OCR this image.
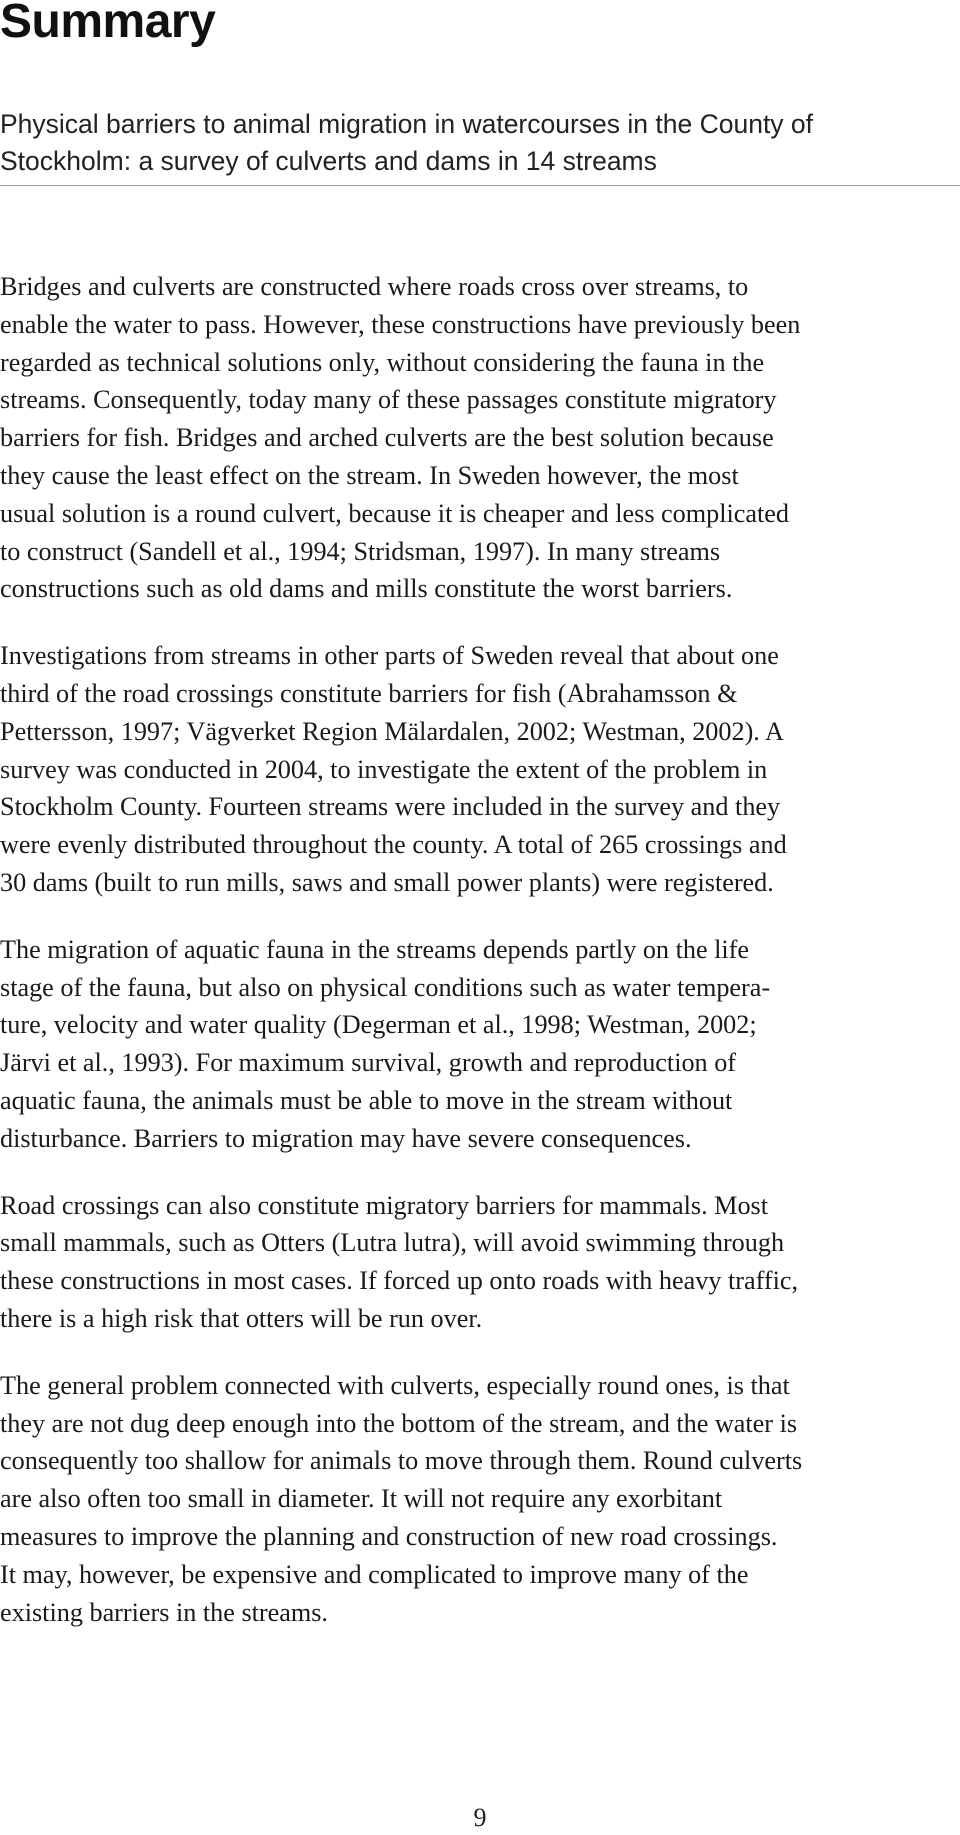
Summary

Physical barriers to animal migration in watercourses in the County of
Stockholm: a survey of culverts and dams in 14 streams

Bridges and culverts are constructed where roads cross over streams, to
enable the water to pass. However, these constructions have previously been
regarded as technical solutions only, without considering the fauna in the
streams. Consequently, today many of these passages constitute migratory
barriers for fish. Bridges and arched culverts are the best solution because
they cause the least effect on the stream. In Sweden however, the most
usual solution is a round culvert, because it is cheaper and less complicated
to construct (Sandell et al., 1994; Stridsman, 1997). In many streams
constructions such as old dams and mills constitute the worst barriers.

Investigations from streams in other parts of Sweden reveal that about one
third of the road crossings constitute barriers for fish (Abrahamsson &
Pettersson, 1997; Vägverket Region Mälardalen, 2002; Westman, 2002). A
survey was conducted in 2004, to investigate the extent of the problem in
Stockholm County. Fourteen streams were included in the survey and they
were evenly distributed throughout the county. A total of 265 crossings and
30 dams (built to run mills, saws and small power plants) were registered.

The migration of aquatic fauna in the streams depends partly on the life
stage of the fauna, but also on physical conditions such as water tempera-
ture, velocity and water quality (Degerman et al., 1998; Westman, 2002;
Järvi et al., 1993). For maximum survival, growth and reproduction of
aquatic fauna, the animals must be able to move in the stream without
disturbance. Barriers to migration may have severe consequences.

Road crossings can also constitute migratory barriers for mammals. Most
small mammals, such as Otters (Lutra lutra), will avoid swimming through
these constructions in most cases. If forced up onto roads with heavy traffic,
there is a high risk that otters will be run over.

The general problem connected with culverts, especially round ones, is that
they are not dug deep enough into the bottom of the stream, and the water is
consequently too shallow for animals to move through them. Round culverts
are also often too small in diameter. It will not require any exorbitant
measures to improve the planning and construction of new road crossings.
It may, however, be expensive and complicated to improve many of the
existing barriers in the streams.

9
